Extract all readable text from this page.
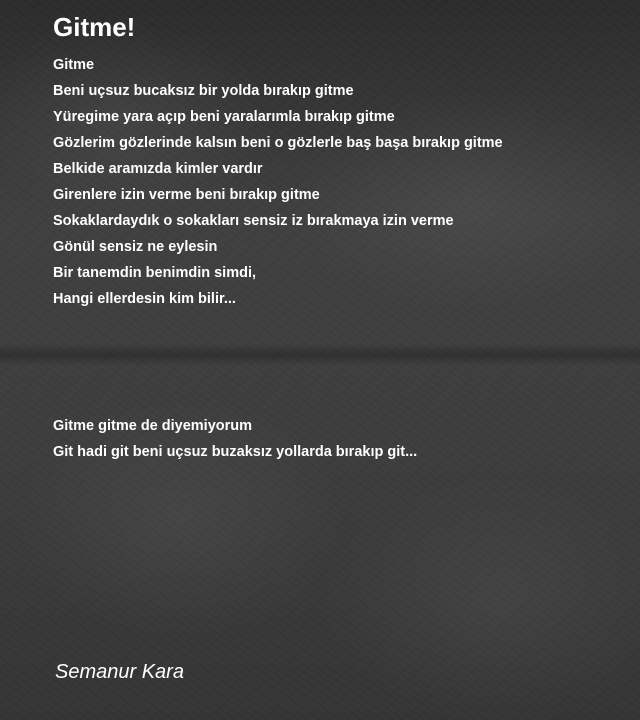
Gitme!
Gitme
Beni uçsuz bucaksız bir yolda bırakıp gitme
Yüregime yara açıp beni yaralarımla bırakıp gitme
Gözlerim gözlerinde kalsın beni o gözlerle baş başa bırakıp gitme
Belkide aramızda kimler vardır
Girenlere izin verme beni bırakıp gitme
Sokaklardaydık o sokakları sensiz iz bırakmaya izin verme
Gönül sensiz ne eylesin
Bir tanemdin benimdin simdi,
Hangi ellerdesin kim bilir...
Gitme gitme de diyemiyorum
Git hadi git beni uçsuz buzaksız yollarda bırakıp git...
Semanur Kara
